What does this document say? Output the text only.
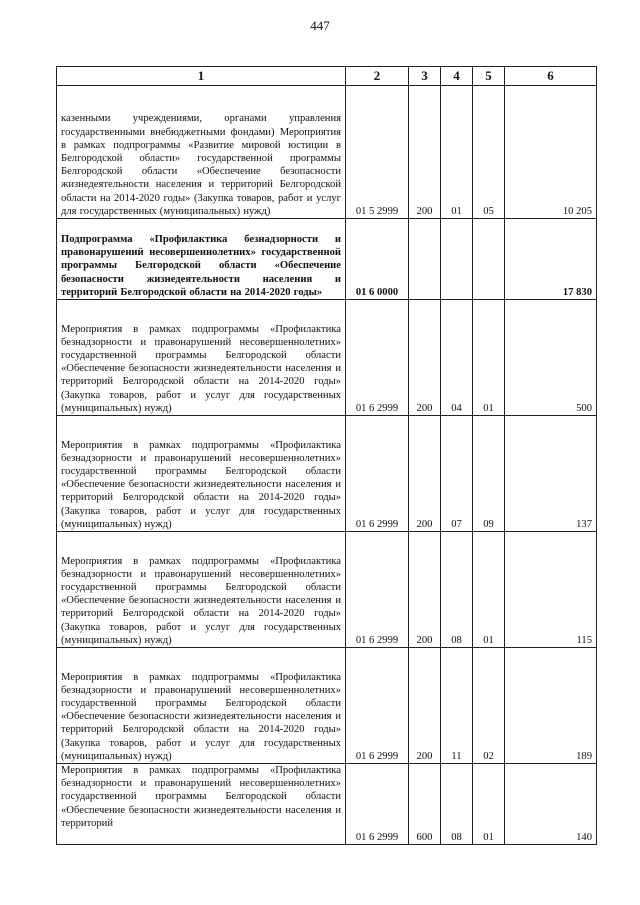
447
1	2	3	4	5	6
казенными учреждениями, органами управления государственными внебюджетными фондами) Мероприятия в рамках подпрограммы «Развитие мировой юстиции в Белгородской области» государственной программы Белгородской области «Обеспечение безопасности жизнедеятельности населения и территорий Белгородской области на 2014-2020 годы» (Закупка товаров, работ и услуг для государственных (муниципальных) нужд)	01 5 2999	200	01	05	10 205
Подпрограмма «Профилактика безнадзорности и правонарушений несовершеннолетних» государственной программы Белгородской области «Обеспечение безопасности жизнедеятельности населения и территорий Белгородской области на 2014-2020 годы»	01 6 0000				17 830
Мероприятия в рамках подпрограммы «Профилактика безнадзорности и правонарушений несовершеннолетних» государственной программы Белгородской области «Обеспечение безопасности жизнедеятельности населения и территорий Белгородской области на 2014-2020 годы» (Закупка товаров, работ и услуг для государственных (муниципальных) нужд)	01 6 2999	200	04	01	500
Мероприятия в рамках подпрограммы «Профилактика безнадзорности и правонарушений несовершеннолетних» государственной программы Белгородской области «Обеспечение безопасности жизнедеятельности населения и территорий Белгородской области на 2014-2020 годы» (Закупка товаров, работ и услуг для государственных (муниципальных) нужд)	01 6 2999	200	07	09	137
Мероприятия в рамках подпрограммы «Профилактика безнадзорности и правонарушений несовершеннолетних» государственной программы Белгородской области «Обеспечение безопасности жизнедеятельности населения и территорий Белгородской области на 2014-2020 годы» (Закупка товаров, работ и услуг для государственных (муниципальных) нужд)	01 6 2999	200	08	01	115
Мероприятия в рамках подпрограммы «Профилактика безнадзорности и правонарушений несовершеннолетних» государственной программы Белгородской области «Обеспечение безопасности жизнедеятельности населения и территорий Белгородской области на 2014-2020 годы» (Закупка товаров, работ и услуг для государственных (муниципальных) нужд)	01 6 2999	200	11	02	189
Мероприятия в рамках подпрограммы «Профилактика безнадзорности и правонарушений несовершеннолетних» государственной программы Белгородской области «Обеспечение безопасности жизнедеятельности населения и территорий	01 6 2999	600	08	01	140
